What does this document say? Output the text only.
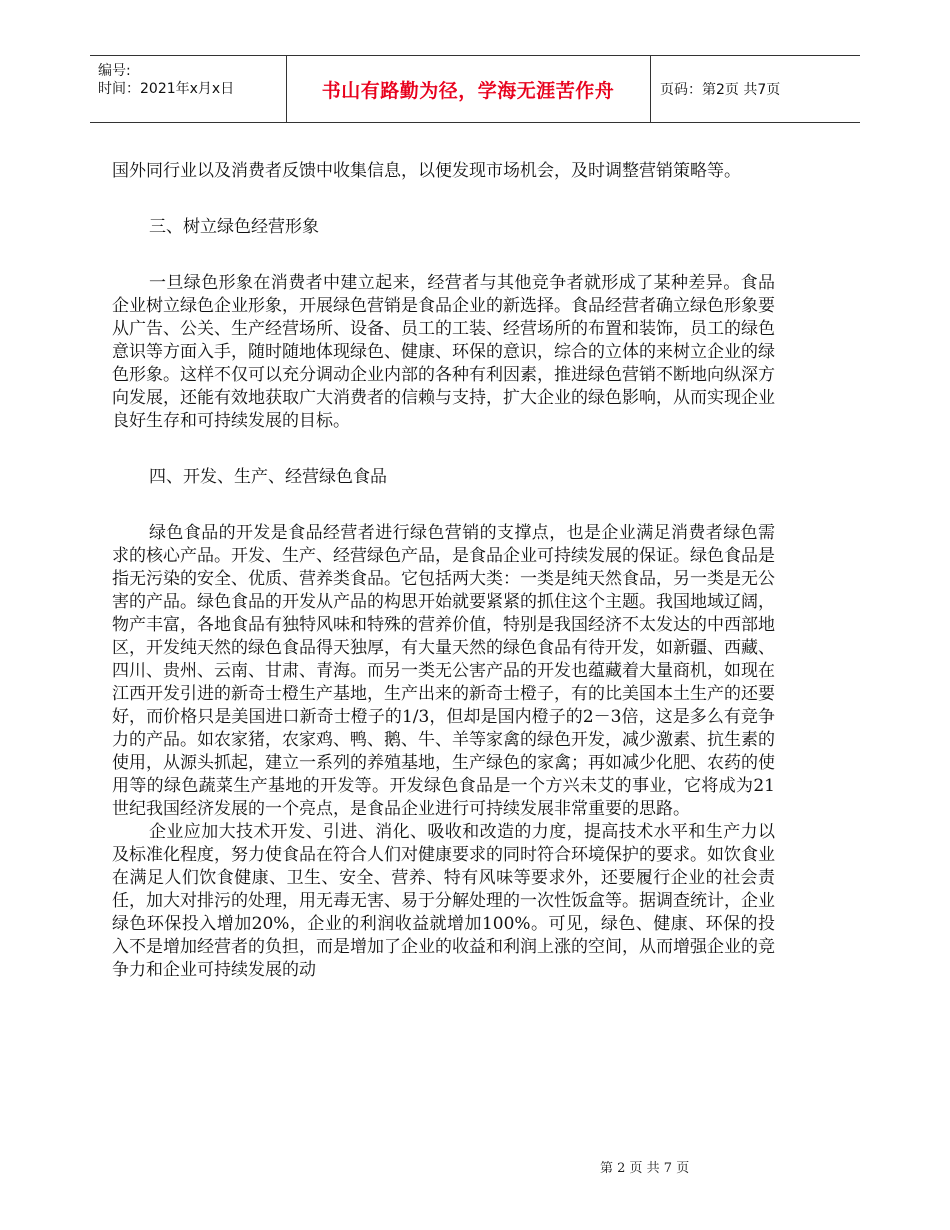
编号:
时间：2021年x月x日	书山有路勤为径，学海无涯苦作舟	页码：第2页 共7页

国外同行业以及消费者反馈中收集信息，以便发现市场机会，及时调整营销策略等。

三、树立绿色经营形象

一旦绿色形象在消费者中建立起来，经营者与其他竞争者就形成了某种差异。食品企业树立绿色企业形象，开展绿色营销是食品企业的新选择。食品经营者确立绿色形象要从广告、公关、生产经营场所、设备、员工的工装、经营场所的布置和装饰，员工的绿色意识等方面入手，随时随地体现绿色、健康、环保的意识，综合的立体的来树立企业的绿色形象。这样不仅可以充分调动企业内部的各种有利因素，推进绿色营销不断地向纵深方向发展，还能有效地获取广大消费者的信赖与支持，扩大企业的绿色影响，从而实现企业良好生存和可持续发展的目标。

四、开发、生产、经营绿色食品

绿色食品的开发是食品经营者进行绿色营销的支撑点，也是企业满足消费者绿色需求的核心产品。开发、生产、经营绿色产品，是食品企业可持续发展的保证。绿色食品是指无污染的安全、优质、营养类食品。它包括两大类：一类是纯天然食品，另一类是无公害的产品。绿色食品的开发从产品的构思开始就要紧紧的抓住这个主题。我国地域辽阔，物产丰富，各地食品有独特风味和特殊的营养价值，特别是我国经济不太发达的中西部地区，开发纯天然的绿色食品得天独厚，有大量天然的绿色食品有待开发，如新疆、西藏、四川、贵州、云南、甘肃、青海。而另一类无公害产品的开发也蕴藏着大量商机，如现在江西开发引进的新奇士橙生产基地，生产出来的新奇士橙子，有的比美国本土生产的还要好，而价格只是美国进口新奇士橙子的1/3，但却是国内橙子的2－3倍，这是多么有竞争力的产品。如农家猪，农家鸡、鸭、鹅、牛、羊等家禽的绿色开发，减少激素、抗生素的使用，从源头抓起，建立一系列的养殖基地，生产绿色的家禽；再如减少化肥、农药的使用等的绿色蔬菜生产基地的开发等。开发绿色食品是一个方兴未艾的事业，它将成为21世纪我国经济发展的一个亮点，是食品企业进行可持续发展非常重要的思路。

企业应加大技术开发、引进、消化、吸收和改造的力度，提高技术水平和生产力以及标准化程度，努力使食品在符合人们对健康要求的同时符合环境保护的要求。如饮食业在满足人们饮食健康、卫生、安全、营养、特有风味等要求外，还要履行企业的社会责任，加大对排污的处理，用无毒无害、易于分解处理的一次性饭盒等。据调查统计，企业绿色环保投入增加20%，企业的利润收益就增加100%。可见，绿色、健康、环保的投入不是增加经营者的负担，而是增加了企业的收益和利润上涨的空间，从而增强企业的竞争力和企业可持续发展的动

第 2 页 共 7 页
